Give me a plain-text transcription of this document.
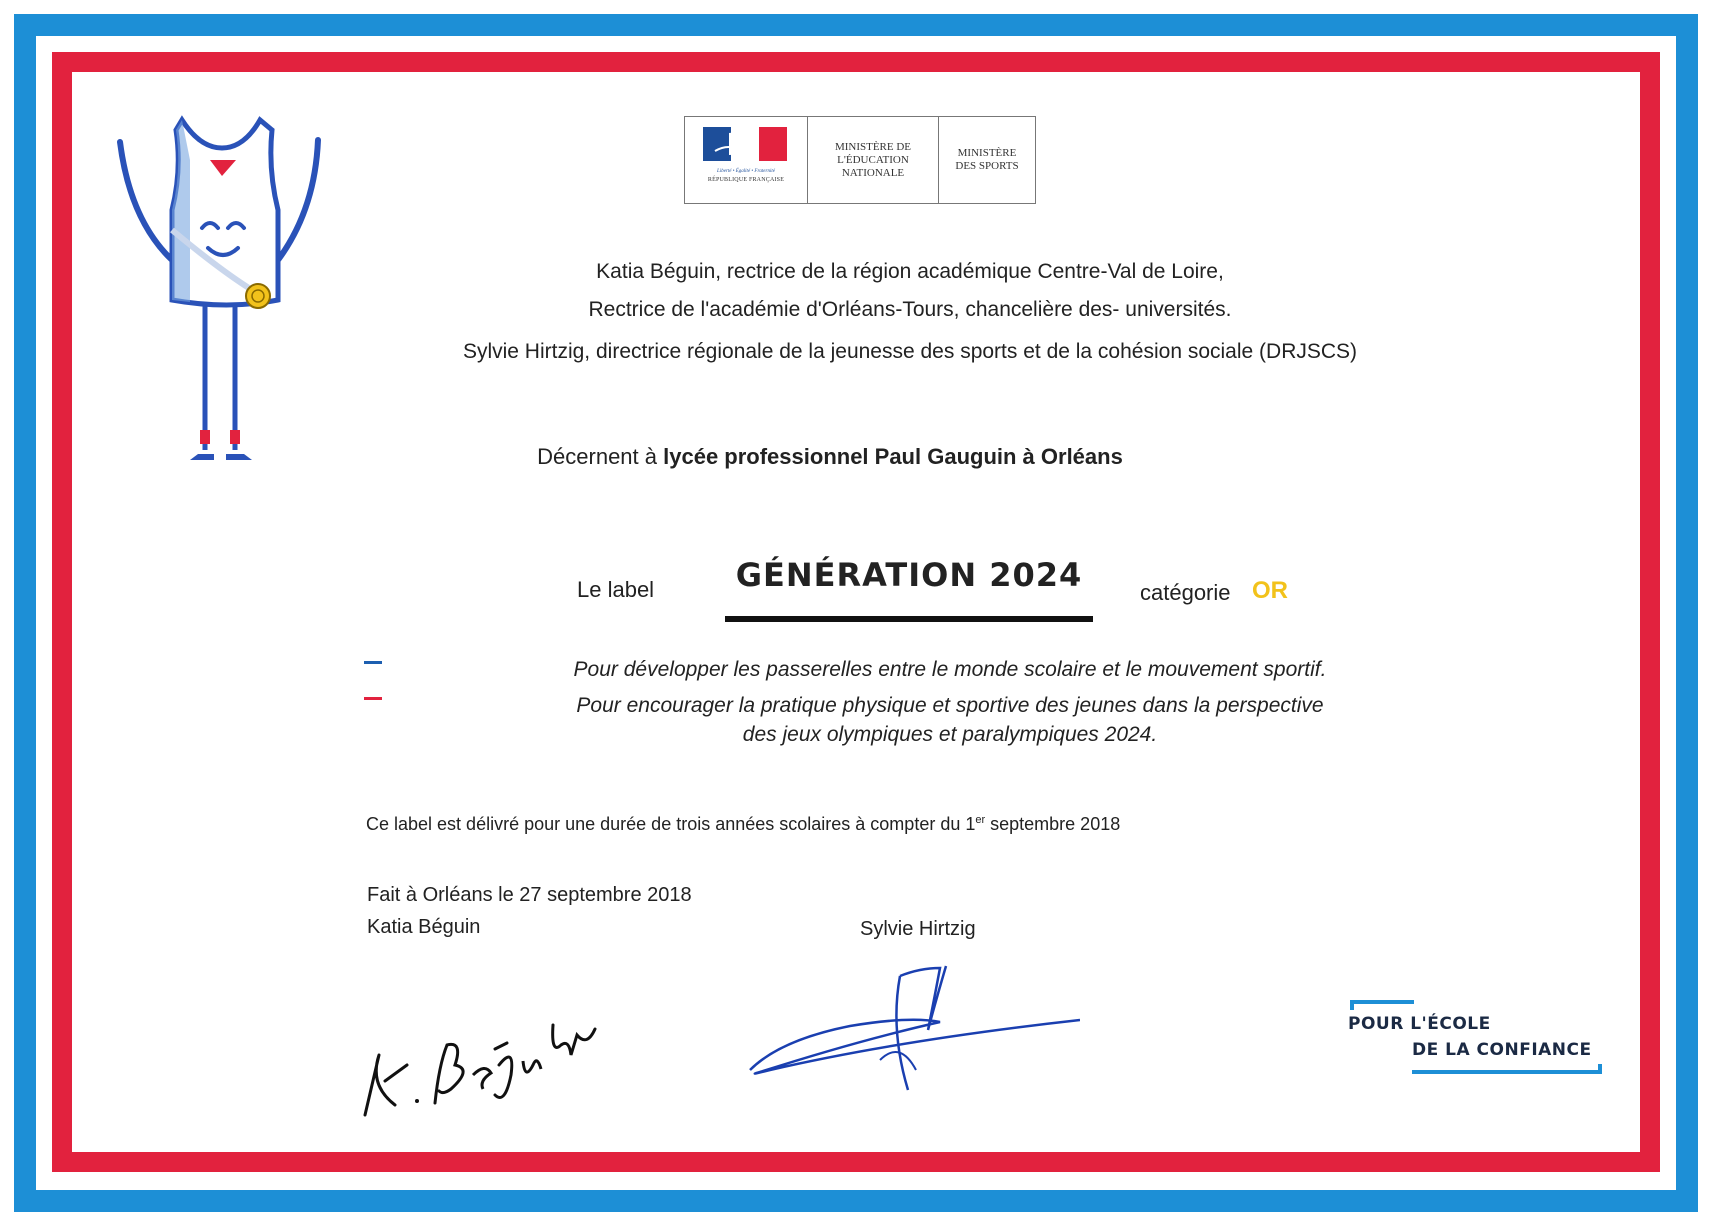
Liberté • Égalité • Fraternité
RÉPUBLIQUE FRANÇAISE
MINISTÈRE DE L'ÉDUCATION NATIONALE
MINISTÈRE DES SPORTS
Katia Béguin, rectrice de la région académique Centre-Val de Loire,
Rectrice de l'académie d'Orléans-Tours, chancelière des- universités.
Sylvie Hirtzig, directrice régionale de la jeunesse des sports et de la cohésion sociale (DRJSCS)
Décernent à lycée professionnel Paul Gauguin à Orléans
Le label	GÉNÉRATION 2024	catégorie OR
Pour développer les passerelles entre le monde scolaire et le mouvement sportif.
Pour encourager la pratique physique et sportive des jeunes dans la perspective
des jeux olympiques et paralympiques 2024.
Ce label est délivré pour une durée de trois années scolaires à compter du 1er septembre 2018
Fait à Orléans le 27 septembre 2018
Katia Béguin	Sylvie Hirtzig
POUR L'ÉCOLE
DE LA CONFIANCE
